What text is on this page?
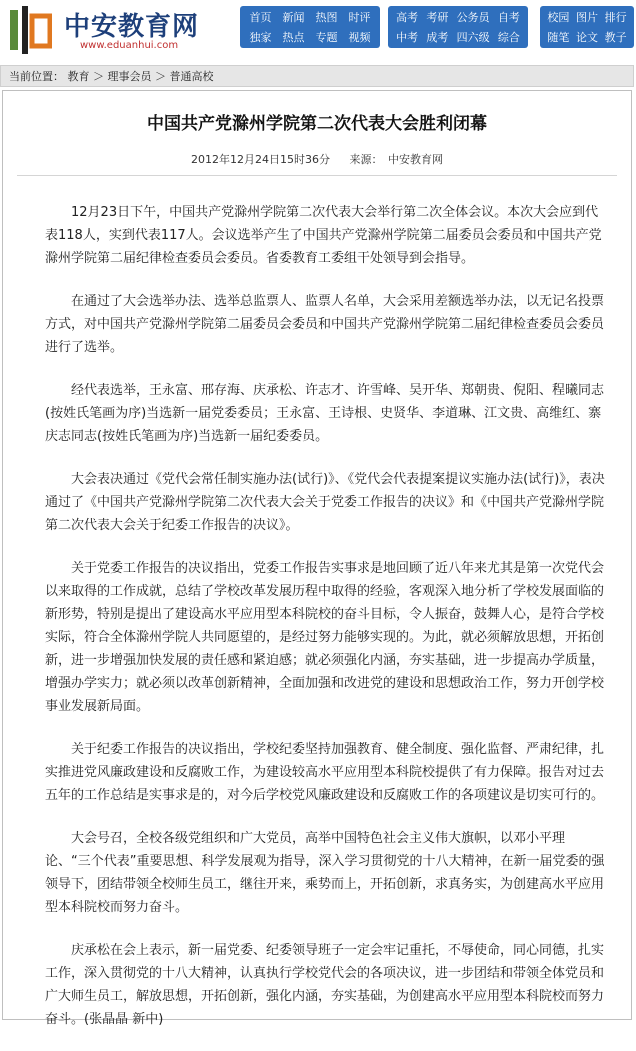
中安教育网
www.eduanhui.com
首页 新闻 热图 时评
独家 热点 专题 视频
高考 考研 公务员 自考
中考 成考 四六级 综合
校园 图片 排行
随笔 论文 教子
当前位置： 教育 ＞ 理事会员 ＞ 普通高校
中国共产党滁州学院第二次代表大会胜利闭幕
2012年12月24日15时36分 来源：　中安教育网

12月23日下午，中国共产党滁州学院第二次代表大会举行第二次全体会议。本次大会应到代表118人，实到代表117人。会议选举产生了中国共产党滁州学院第二届委员会委员和中国共产党滁州学院第二届纪律检查委员会委员。省委教育工委组干处领导到会指导。

在通过了大会选举办法、选举总监票人、监票人名单，大会采用差额选举办法，以无记名投票方式，对中国共产党滁州学院第二届委员会委员和中国共产党滁州学院第二届纪律检查委员会委员进行了选举。

经代表选举，王永富、邢存海、庆承松、许志才、许雪峰、吴开华、郑朝贵、倪阳、程曦同志(按姓氏笔画为序)当选新一届党委委员；王永富、王诗根、史贤华、李道琳、江文贵、高维红、寨庆志同志(按姓氏笔画为序)当选新一届纪委委员。

大会表决通过《党代会常任制实施办法(试行)》、《党代会代表提案提议实施办法(试行)》，表决通过了《中国共产党滁州学院第二次代表大会关于党委工作报告的决议》和《中国共产党滁州学院第二次代表大会关于纪委工作报告的决议》。

关于党委工作报告的决议指出，党委工作报告实事求是地回顾了近八年来尤其是第一次党代会以来取得的工作成就，总结了学校改革发展历程中取得的经验，客观深入地分析了学校发展面临的新形势，特别是提出了建设高水平应用型本科院校的奋斗目标，令人振奋，鼓舞人心，是符合学校实际，符合全体滁州学院人共同愿望的，是经过努力能够实现的。为此，就必须解放思想，开拓创新，进一步增强加快发展的责任感和紧迫感；就必须强化内涵，夯实基础，进一步提高办学质量，增强办学实力；就必须以改革创新精神，全面加强和改进党的建设和思想政治工作，努力开创学校事业发展新局面。

关于纪委工作报告的决议指出，学校纪委坚持加强教育、健全制度、强化监督、严肃纪律，扎实推进党风廉政建设和反腐败工作，为建设较高水平应用型本科院校提供了有力保障。报告对过去五年的工作总结是实事求是的，对今后学校党风廉政建设和反腐败工作的各项建议是切实可行的。

大会号召，全校各级党组织和广大党员，高举中国特色社会主义伟大旗帜，以邓小平理论、“三个代表”重要思想、科学发展观为指导，深入学习贯彻党的十八大精神，在新一届党委的强领导下，团结带领全校师生员工，继往开来，乘势而上，开拓创新，求真务实，为创建高水平应用型本科院校而努力奋斗。

庆承松在会上表示，新一届党委、纪委领导班子一定会牢记重托，不辱使命，同心同德，扎实工作，深入贯彻党的十八大精神，认真执行学校党代会的各项决议，进一步团结和带领全体党员和广大师生员工，解放思想，开拓创新，强化内涵，夯实基础，为创建高水平应用型本科院校而努力奋斗。(张晶晶 新中)
